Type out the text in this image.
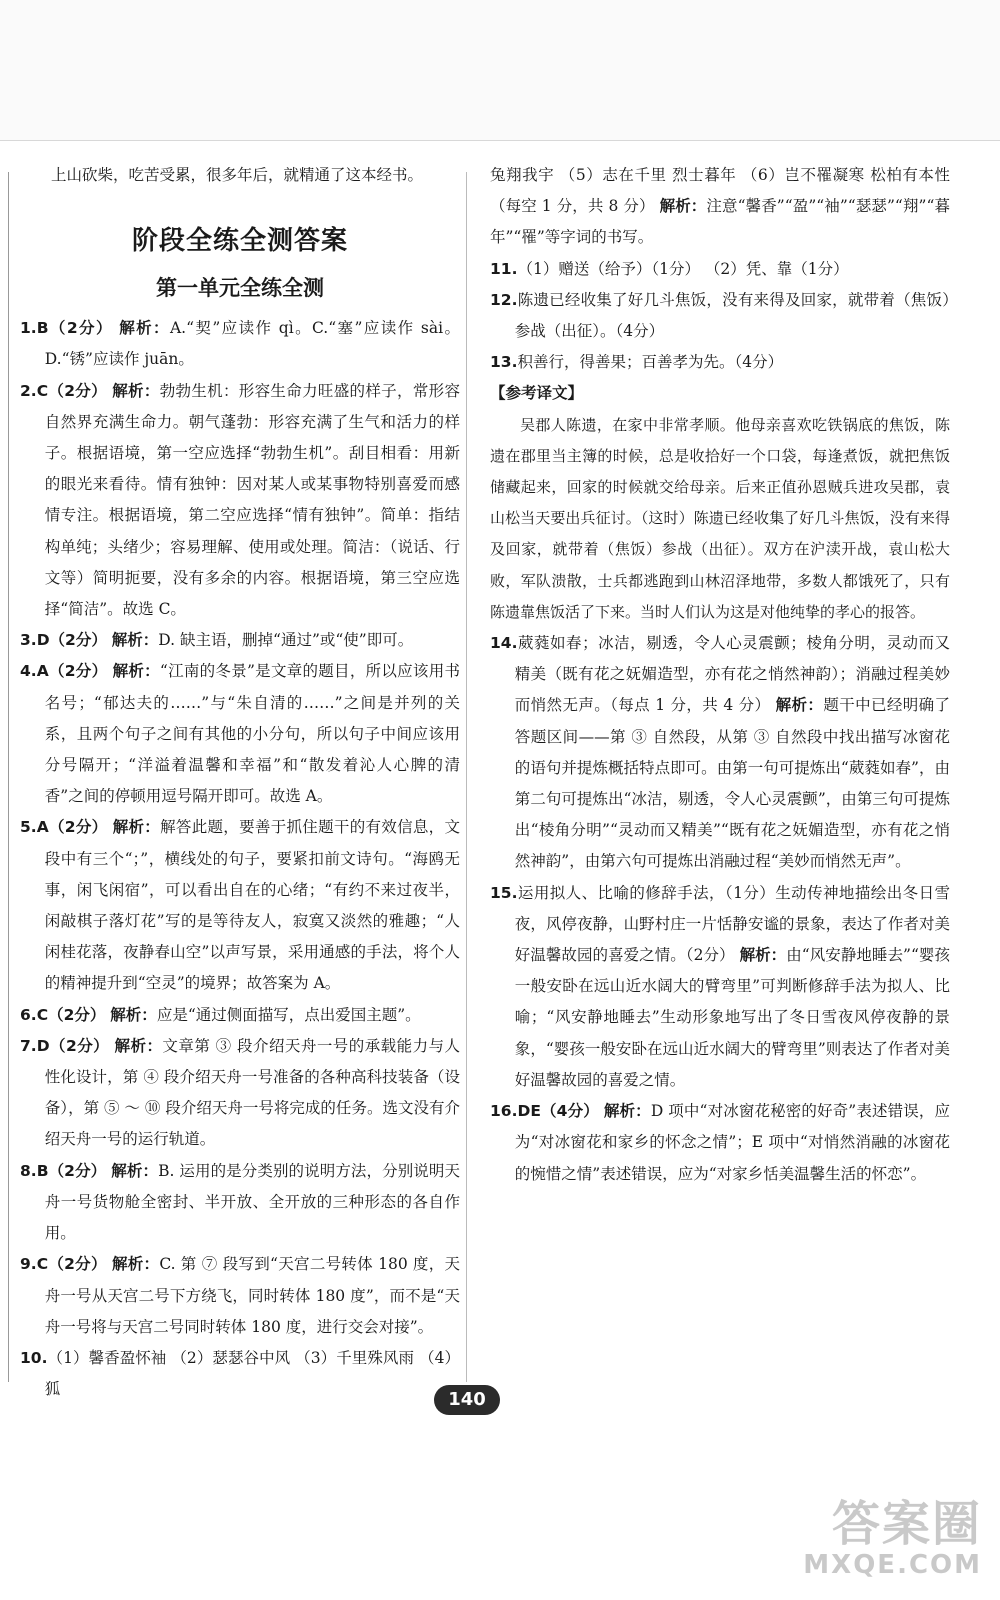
上山砍柴，吃苦受累，很多年后，就精通了这本经书。

阶段全练全测答案
第一单元全练全测

1.B（2分） 解析：A.“契”应读作 qì。C.“塞”应读作 sài。D.“锈”应读作 juān。

2.C（2分） 解析：勃勃生机：形容生命力旺盛的样子，常形容自然界充满生命力。朝气蓬勃：形容充满了生气和活力的样子。根据语境，第一空应选择“勃勃生机”。刮目相看：用新的眼光来看待。情有独钟：因对某人或某事物特别喜爱而感情专注。根据语境，第二空应选择“情有独钟”。简单：指结构单纯；头绪少；容易理解、使用或处理。简洁：（说话、行文等）简明扼要，没有多余的内容。根据语境，第三空应选择“简洁”。故选 C。

3.D（2分） 解析：D. 缺主语，删掉“通过”或“使”即可。

4.A（2分） 解析：“江南的冬景”是文章的题目，所以应该用书名号；“郁达夫的……”与“朱自清的……”之间是并列的关系，且两个句子之间有其他的小分句，所以句子中间应该用分号隔开；“洋溢着温馨和幸福”和“散发着沁人心脾的清香”之间的停顿用逗号隔开即可。故选 A。

5.A（2分） 解析：解答此题，要善于抓住题干的有效信息，文段中有三个“；”，横线处的句子，要紧扣前文诗句。“海鸥无事，闲飞闲宿”，可以看出自在的心绪；“有约不来过夜半，闲敲棋子落灯花”写的是等待友人，寂寞又淡然的雅趣；“人闲桂花落，夜静春山空”以声写景，采用通感的手法，将个人的精神提升到“空灵”的境界；故答案为 A。

6.C（2分） 解析：应是“通过侧面描写，点出爱国主题”。

7.D（2分） 解析：文章第 ③ 段介绍天舟一号的承载能力与人性化设计，第 ④ 段介绍天舟一号准备的各种高科技装备（设备），第 ⑤ ～ ⑩ 段介绍天舟一号将完成的任务。选文没有介绍天舟一号的运行轨道。

8.B（2分） 解析：B. 运用的是分类别的说明方法，分别说明天舟一号货物舱全密封、半开放、全开放的三种形态的各自作用。

9.C（2分） 解析：C. 第 ⑦ 段写到“天宫二号转体 180 度，天舟一号从天宫二号下方绕飞，同时转体 180 度”，而不是“天舟一号将与天宫二号同时转体 180 度，进行交会对接”。

10.（1）馨香盈怀袖 （2）瑟瑟谷中风 （3）千里殊风雨 （4）狐

兔翔我宇 （5）志在千里 烈士暮年 （6）岂不罹凝寒 松柏有本性（每空 1 分，共 8 分） 解析：注意“馨香”“盈”“袖”“瑟瑟”“翔”“暮年”“罹”等字词的书写。

11.（1）赠送（给予）（1分） （2）凭、靠（1分）

12.陈遗已经收集了好几斗焦饭，没有来得及回家，就带着（焦饭）参战（出征）。（4分）

13.积善行，得善果；百善孝为先。（4分）

【参考译文】

吴郡人陈遗，在家中非常孝顺。他母亲喜欢吃铁锅底的焦饭，陈遗在郡里当主簿的时候，总是收拾好一个口袋，每逢煮饭，就把焦饭储藏起来，回家的时候就交给母亲。后来正值孙恩贼兵进攻吴郡，袁山松当天要出兵征讨。（这时）陈遗已经收集了好几斗焦饭，没有来得及回家，就带着（焦饭）参战（出征）。双方在沪渎开战，袁山松大败，军队溃散，士兵都逃跑到山林沼泽地带，多数人都饿死了，只有陈遗靠焦饭活了下来。当时人们认为这是对他纯挚的孝心的报答。

14.葳蕤如春；冰洁，剔透，令人心灵震颤；棱角分明，灵动而又精美（既有花之妩媚造型，亦有花之悄然神韵）；消融过程美妙而悄然无声。（每点 1 分，共 4 分） 解析：题干中已经明确了答题区间——第 ③ 自然段，从第 ③ 自然段中找出描写冰窗花的语句并提炼概括特点即可。由第一句可提炼出“葳蕤如春”，由第二句可提炼出“冰洁，剔透，令人心灵震颤”，由第三句可提炼出“棱角分明”“灵动而又精美”“既有花之妩媚造型，亦有花之悄然神韵”，由第六句可提炼出消融过程“美妙而悄然无声”。

15.运用拟人、比喻的修辞手法，（1分）生动传神地描绘出冬日雪夜，风停夜静，山野村庄一片恬静安谧的景象，表达了作者对美好温馨故园的喜爱之情。（2分） 解析：由“风安静地睡去”“婴孩一般安卧在远山近水阔大的臂弯里”可判断修辞手法为拟人、比喻；“风安静地睡去”生动形象地写出了冬日雪夜风停夜静的景象，“婴孩一般安卧在远山近水阔大的臂弯里”则表达了作者对美好温馨故园的喜爱之情。

16.DE（4分） 解析：D 项中“对冰窗花秘密的好奇”表述错误，应为“对冰窗花和家乡的怀念之情”；E 项中“对悄然消融的冰窗花的惋惜之情”表述错误，应为“对家乡恬美温馨生活的怀恋”。

140
答案圈
MXQE.COM
